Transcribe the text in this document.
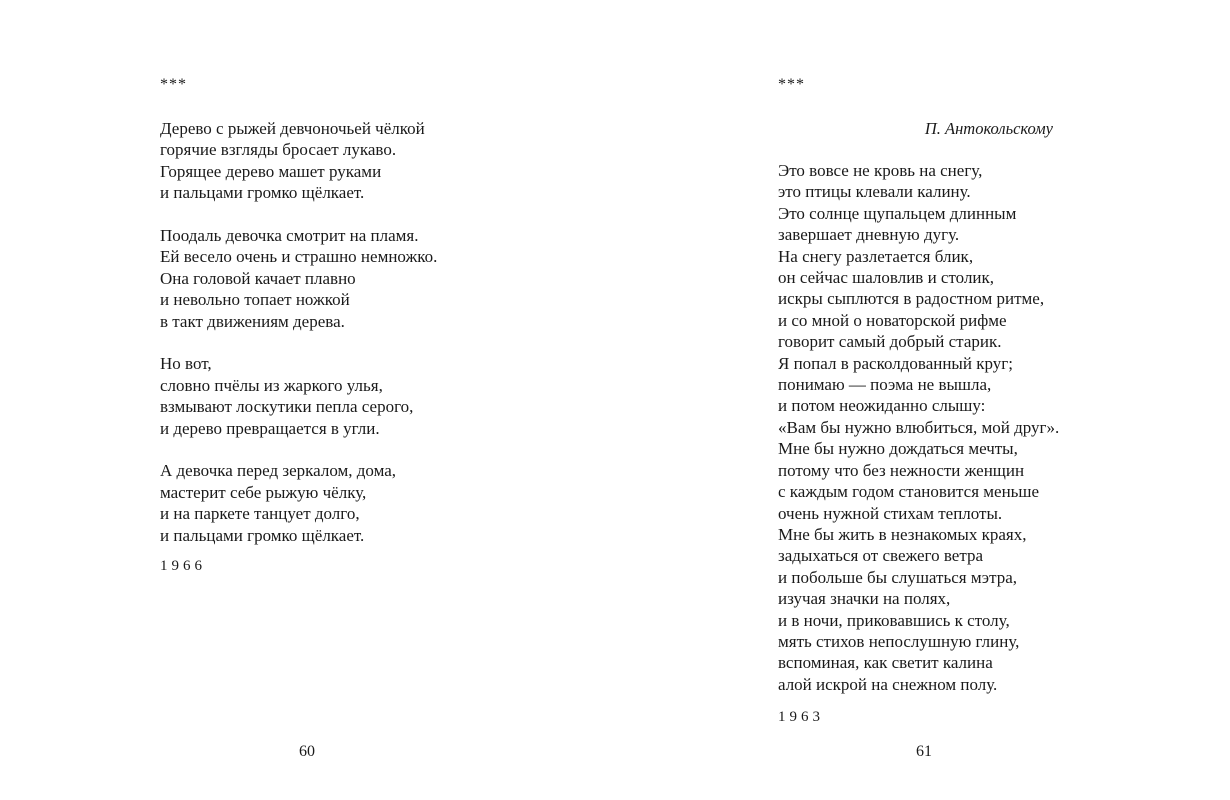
***
Дерево с рыжей девчоночьей чёлкой
горячие взгляды бросает лукаво.
Горящее дерево машет руками
и пальцами громко щёлкает.
Поодаль девочка смотрит на пламя.
Ей весело очень и страшно немножко.
Она головой качает плавно
и невольно топает ножкой
в такт движениям дерева.
Но вот,
словно пчёлы из жаркого улья,
взмывают лоскутики пепла серого,
и дерево превращается в угли.
А девочка перед зеркалом, дома,
мастерит себе рыжую чёлку,
и на паркете танцует долго,
и пальцами громко щёлкает.
1966
60
***
П. Антокольскому
Это вовсе не кровь на снегу,
это птицы клевали калину.
Это солнце щупальцем длинным
завершает дневную дугу.
На снегу разлетается блик,
он сейчас шаловлив и столик,
искры сыплются в радостном ритме,
и со мной о новаторской рифме
говорит самый добрый старик.
Я попал в расколдованный круг;
понимаю — поэма не вышла,
и потом неожиданно слышу:
«Вам бы нужно влюбиться, мой друг».
Мне бы нужно дождаться мечты,
потому что без нежности женщин
с каждым годом становится меньше
очень нужной стихам теплоты.
Мне бы жить в незнакомых краях,
задыхаться от свежего ветра
и побольше бы слушаться мэтра,
изучая значки на полях,
и в ночи, приковавшись к столу,
мять стихов непослушную глину,
вспоминая, как светит калина
алой искрой на снежном полу.
1963
61
